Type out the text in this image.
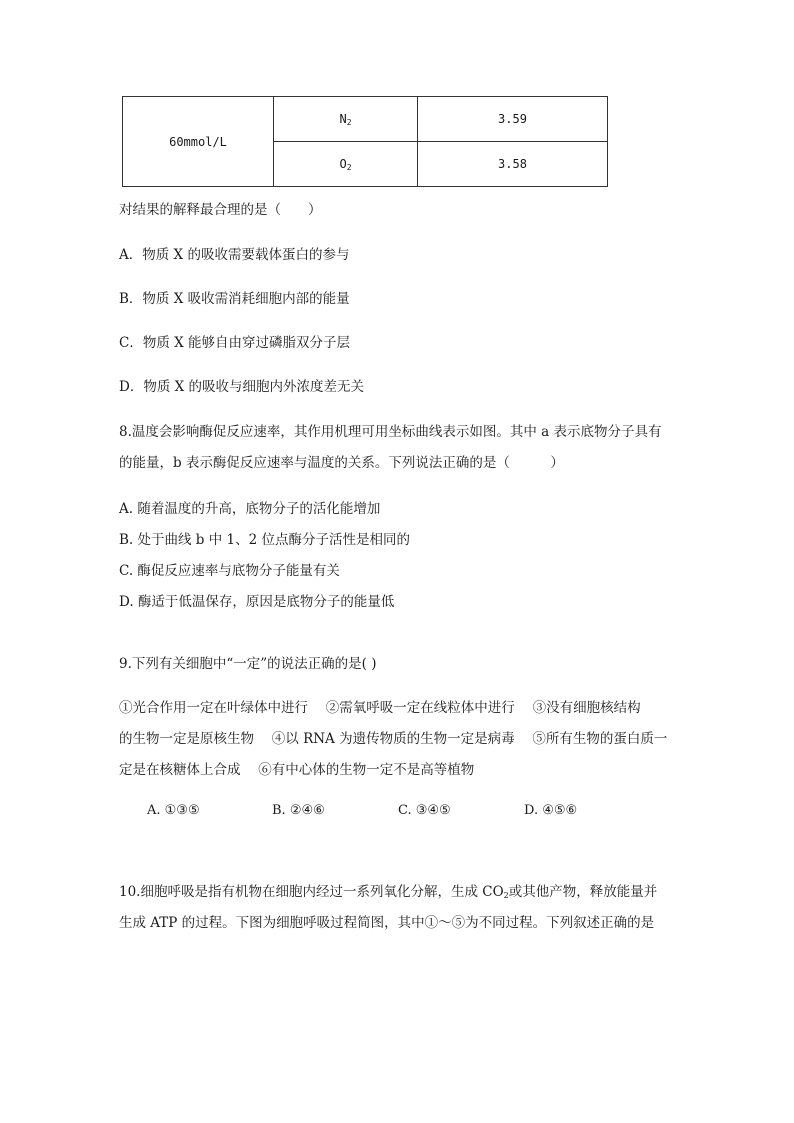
60mmol/L	$N_2$	3.59
	$O_2$	3.58
对结果的解释最合理的是（　　）
A．物质 X 的吸收需要载体蛋白的参与
B．物质 X 吸收需消耗细胞内部的能量
C．物质 X 能够自由穿过磷脂双分子层
D．物质 X 的吸收与细胞内外浓度差无关
8.温度会影响酶促反应速率，其作用机理可用坐标曲线表示如图。其中 a 表示底物分子具有
的能量，b 表示酶促反应速率与温度的关系。下列说法正确的是（　　　）
A. 随着温度的升高，底物分子的活化能增加
B. 处于曲线 b 中 1、2 位点酶分子活性是相同的
C. 酶促反应速率与底物分子能量有关
D. 酶适于低温保存，原因是底物分子的能量低
9.下列有关细胞中“一定”的说法正确的是( )
①光合作用一定在叶绿体中进行　 ②需氧呼吸一定在线粒体中进行　 ③没有细胞核结构
的生物一定是原核生物　 ④以 RNA 为遗传物质的生物一定是病毒　 ⑤所有生物的蛋白质一
定是在核糖体上合成　 ⑥有中心体的生物一定不是高等植物
A. ①③⑤	B. ②④⑥	C. ③④⑤	D. ④⑤⑥
10.细胞呼吸是指有机物在细胞内经过一系列氧化分解，生成 $CO_2$或其他产物，释放能量并
生成 ATP 的过程。下图为细胞呼吸过程简图，其中①～⑤为不同过程。下列叙述正确的是
